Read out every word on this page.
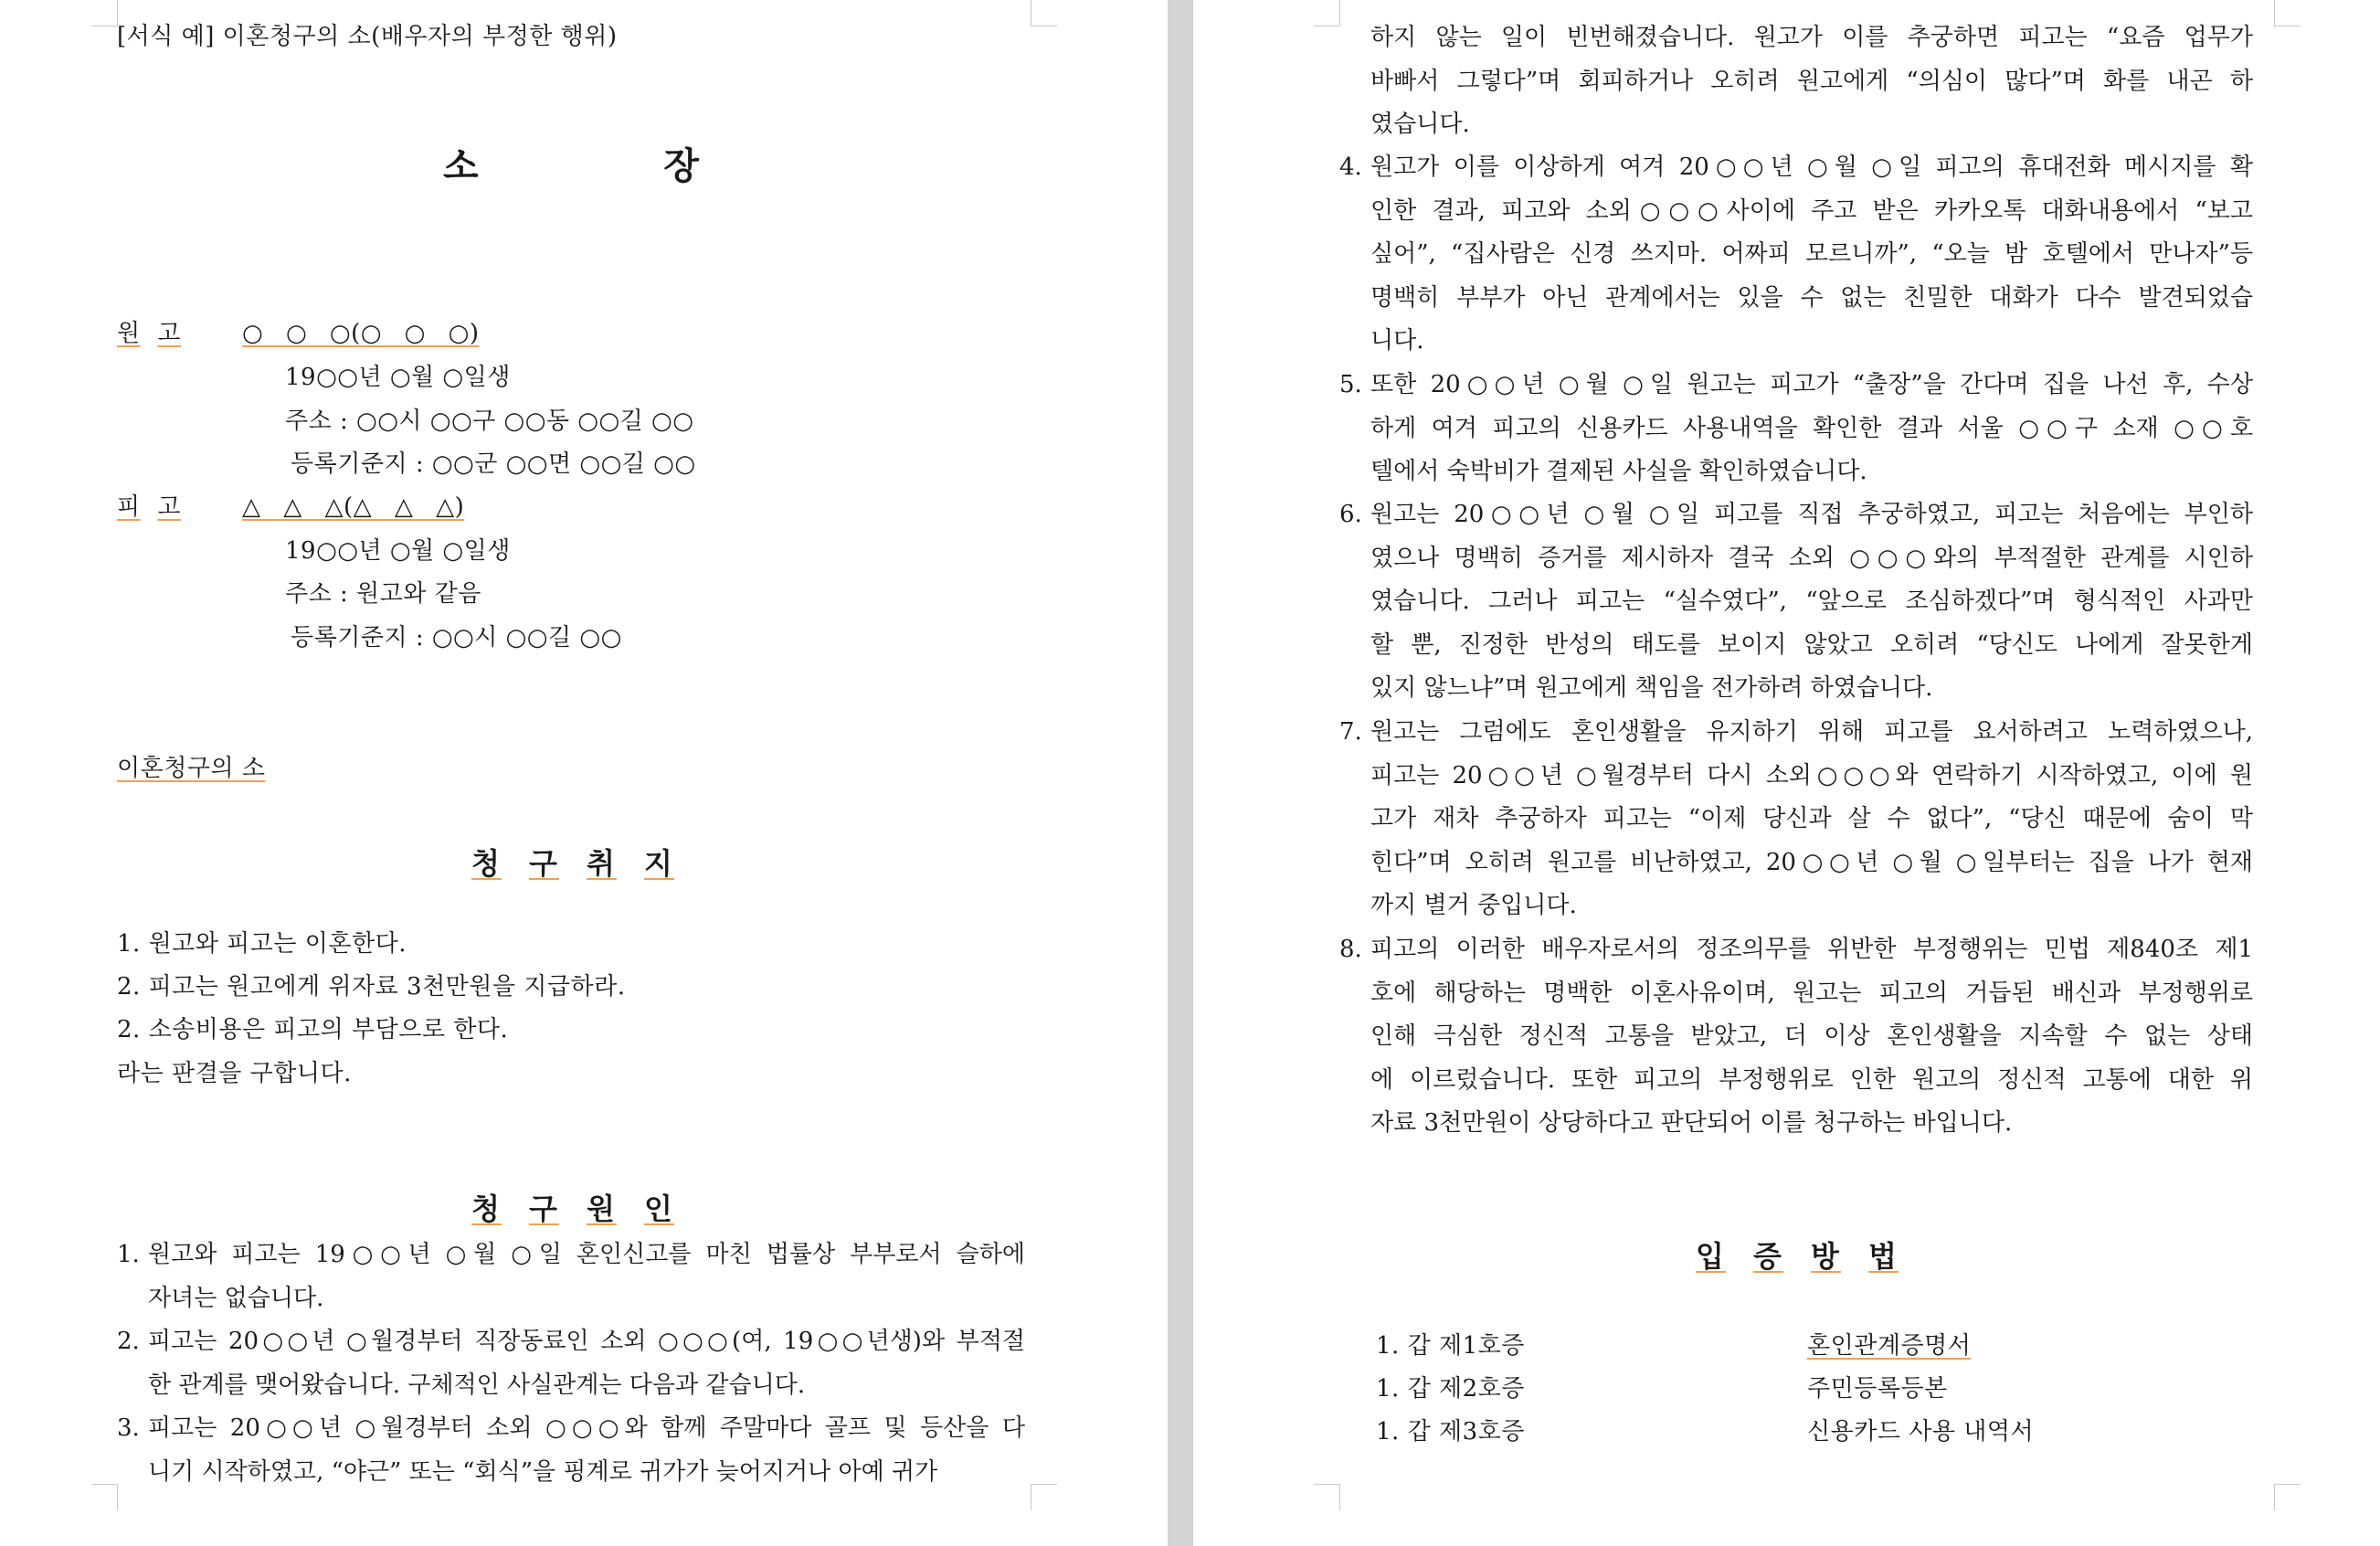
[서식 예] 이혼청구의 소(배우자의 부정한 행위)
소	장
원 고	○ ○ ○(○ ○ ○)
19○○년 ○월 ○일생
주소 : ○○시 ○○구 ○○동 ○○길 ○○
등록기준지 : ○○군 ○○면 ○○길 ○○
피 고	△ △ △(△ △ △)
19○○년 ○월 ○일생
주소 : 원고와 같음
등록기준지 : ○○시 ○○길 ○○
이혼청구의 소
청 구 취 지
1. 원고와 피고는 이혼한다.
2. 피고는 원고에게 위자료 3천만원을 지급하라.
2. 소송비용은 피고의 부담으로 한다.
라는 판결을 구합니다.
청 구 원 인
1. 원고와 피고는 19○○년 ○월 ○일 혼인신고를 마친 법률상 부부로서 슬하에
자녀는 없습니다.
2. 피고는 20○○년 ○월경부터 직장동료인 소외 ○○○(여, 19○○년생)와 부적절
한 관계를 맺어왔습니다. 구체적인 사실관계는 다음과 같습니다.
3. 피고는 20○○년 ○월경부터 소외 ○○○와 함께 주말마다 골프 및 등산을 다
니기 시작하였고, “야근” 또는 “회식”을 핑계로 귀가가 늦어지거나 아예 귀가
하지 않는 일이 빈번해졌습니다. 원고가 이를 추궁하면 피고는 “요즘 업무가
바빠서 그렇다”며 회피하거나 오히려 원고에게 “의심이 많다”며 화를 내곤 하
였습니다.
4. 원고가 이를 이상하게 여겨 20○○년 ○월 ○일 피고의 휴대전화 메시지를 확
인한 결과, 피고와 소외○○○사이에 주고 받은 카카오톡 대화내용에서 “보고
싶어”, “집사람은 신경 쓰지마. 어짜피 모르니까”, “오늘 밤 호텔에서 만나자”등
명백히 부부가 아닌 관계에서는 있을 수 없는 친밀한 대화가 다수 발견되었습
니다.
5. 또한 20○○년 ○월 ○일 원고는 피고가 “출장”을 간다며 집을 나선 후, 수상
하게 여겨 피고의 신용카드 사용내역을 확인한 결과 서울 ○○구 소재 ○○호
텔에서 숙박비가 결제된 사실을 확인하였습니다.
6. 원고는 20○○년 ○월 ○일 피고를 직접 추궁하였고, 피고는 처음에는 부인하
였으나 명백히 증거를 제시하자 결국 소외 ○○○와의 부적절한 관계를 시인하
였습니다. 그러나 피고는 “실수였다”, “앞으로 조심하겠다”며 형식적인 사과만
할 뿐, 진정한 반성의 태도를 보이지 않았고 오히려 “당신도 나에게 잘못한게
있지 않느냐”며 원고에게 책임을 전가하려 하였습니다.
7. 원고는 그럼에도 혼인생활을 유지하기 위해 피고를 요서하려고 노력하였으나,
피고는 20○○년 ○월경부터 다시 소외○○○와 연락하기 시작하였고, 이에 원
고가 재차 추궁하자 피고는 “이제 당신과 살 수 없다”, “당신 때문에 숨이 막
힌다”며 오히려 원고를 비난하였고, 20○○년 ○월 ○일부터는 집을 나가 현재
까지 별거 중입니다.
8. 피고의 이러한 배우자로서의 정조의무를 위반한 부정행위는 민법 제840조 제1
호에 해당하는 명백한 이혼사유이며, 원고는 피고의 거듭된 배신과 부정행위로
인해 극심한 정신적 고통을 받았고, 더 이상 혼인생활을 지속할 수 없는 상태
에 이르렀습니다. 또한 피고의 부정행위로 인한 원고의 정신적 고통에 대한 위
자료 3천만원이 상당하다고 판단되어 이를 청구하는 바입니다.
입 증 방 법
1. 갑 제1호증	혼인관계증명서
1. 갑 제2호증	주민등록등본
1. 갑 제3호증	신용카드 사용 내역서
